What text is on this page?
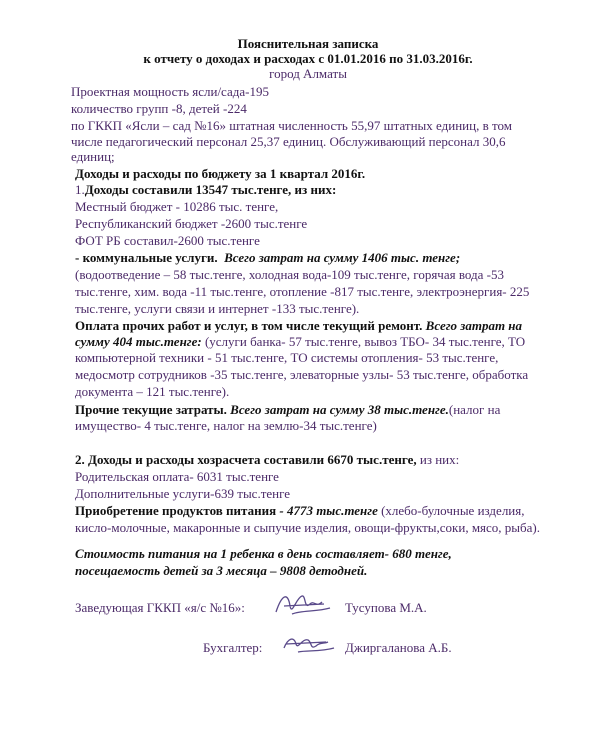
Пояснительная записка
к отчету о доходах и расходах с 01.01.2016 по 31.03.2016г.
город Алматы
Проектная мощность ясли/сада-195
количество групп -8, детей -224
по ГККП «Ясли – сад №16» штатная численность 55,97 штатных единиц, в том
числе педагогический персонал 25,37 единиц. Обслуживающий персонал 30,6
единиц;
Доходы и расходы по бюджету за 1 квартал 2016г.
1.Доходы составили 13547 тыс.тенге, из них:
Местный бюджет - 10286 тыс. тенге,
Республиканский бюджет -2600 тыс.тенге
ФОТ РБ составил-2600 тыс.тенге
- коммунальные услуги. Всего затрат на сумму 1406 тыс. тенге;
(водоотведение – 58 тыс.тенге, холодная вода-109 тыс.тенге, горячая вода -53
тыс.тенге, хим. вода -11 тыс.тенге, отопление -817 тыс.тенге, электроэнергия- 225
тыс.тенге, услуги связи и интернет -133 тыс.тенге).
Оплата прочих работ и услуг, в том числе текущий ремонт. Всего затрат на
сумму 404 тыс.тенге: (услуги банка- 57 тыс.тенге, вывоз ТБО- 34 тыс.тенге, ТО
компьютерной техники - 51 тыс.тенге, ТО системы отопления- 53 тыс.тенге,
медосмотр сотрудников -35 тыс.тенге, элеваторные узлы- 53 тыс.тенге, обработка
документа – 121 тыс.тенге).
Прочие текущие затраты. Всего затрат на сумму 38 тыс.тенге.(налог на
имущество- 4 тыс.тенге, налог на землю-34 тыс.тенге)
2. Доходы и расходы хозрасчета составили 6670 тыс.тенге, из них:
Родительская оплата- 6031 тыс.тенге
Дополнительные услуги-639 тыс.тенге
Приобретение продуктов питания - 4773 тыс.тенге (хлебо-булочные изделия,
кисло-молочные, макаронные и сыпучие изделия, овощи-фрукты,соки, мясо, рыба).
Стоимость питания на 1 ребенка в день составляет- 680 тенге,
посещаемость детей за 3 месяца – 9808 детодней.
Заведующая ГККП «я/с №16»:	Тусупова М.А.
Бухгалтер:	Джиргаланова А.Б.
